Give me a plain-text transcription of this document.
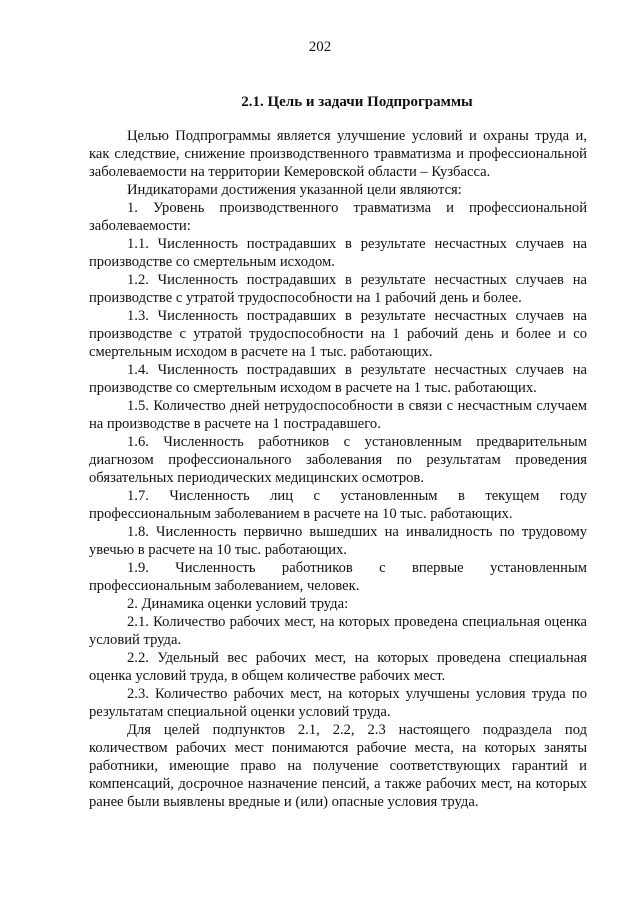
202
2.1. Цель и задачи Подпрограммы

Целью Подпрограммы является улучшение условий и охраны труда и, как следствие, снижение производственного травматизма и профессиональной заболеваемости на территории Кемеровской области – Кузбасса.

Индикаторами достижения указанной цели являются:

1. Уровень производственного травматизма и профессиональной заболеваемости:

1.1. Численность пострадавших в результате несчастных случаев на производстве со смертельным исходом.

1.2. Численность пострадавших в результате несчастных случаев на производстве с утратой трудоспособности на 1 рабочий день и более.

1.3. Численность пострадавших в результате несчастных случаев на производстве с утратой трудоспособности на 1 рабочий день и более и со смертельным исходом в расчете на 1 тыс. работающих.

1.4. Численность пострадавших в результате несчастных случаев на производстве со смертельным исходом в расчете на 1 тыс. работающих.

1.5. Количество дней нетрудоспособности в связи с несчастным случаем на производстве в расчете на 1 пострадавшего.

1.6. Численность работников с установленным предварительным диагнозом профессионального заболевания по результатам проведения обязательных периодических медицинских осмотров.

1.7. Численность лиц с установленным в текущем году профессиональным заболеванием в расчете на 10 тыс. работающих.

1.8. Численность первично вышедших на инвалидность по трудовому увечью в расчете на 10 тыс. работающих.

1.9. Численность работников с впервые установленным профессиональным заболеванием, человек.

2. Динамика оценки условий труда:

2.1. Количество рабочих мест, на которых проведена специальная оценка условий труда.

2.2. Удельный вес рабочих мест, на которых проведена специальная оценка условий труда, в общем количестве рабочих мест.

2.3. Количество рабочих мест, на которых улучшены условия труда по результатам специальной оценки условий труда.

Для целей подпунктов 2.1, 2.2, 2.3 настоящего подраздела под количеством рабочих мест понимаются рабочие места, на которых заняты работники, имеющие право на получение соответствующих гарантий и компенсаций, досрочное назначение пенсий, а также рабочих мест, на которых ранее были выявлены вредные и (или) опасные условия труда.
